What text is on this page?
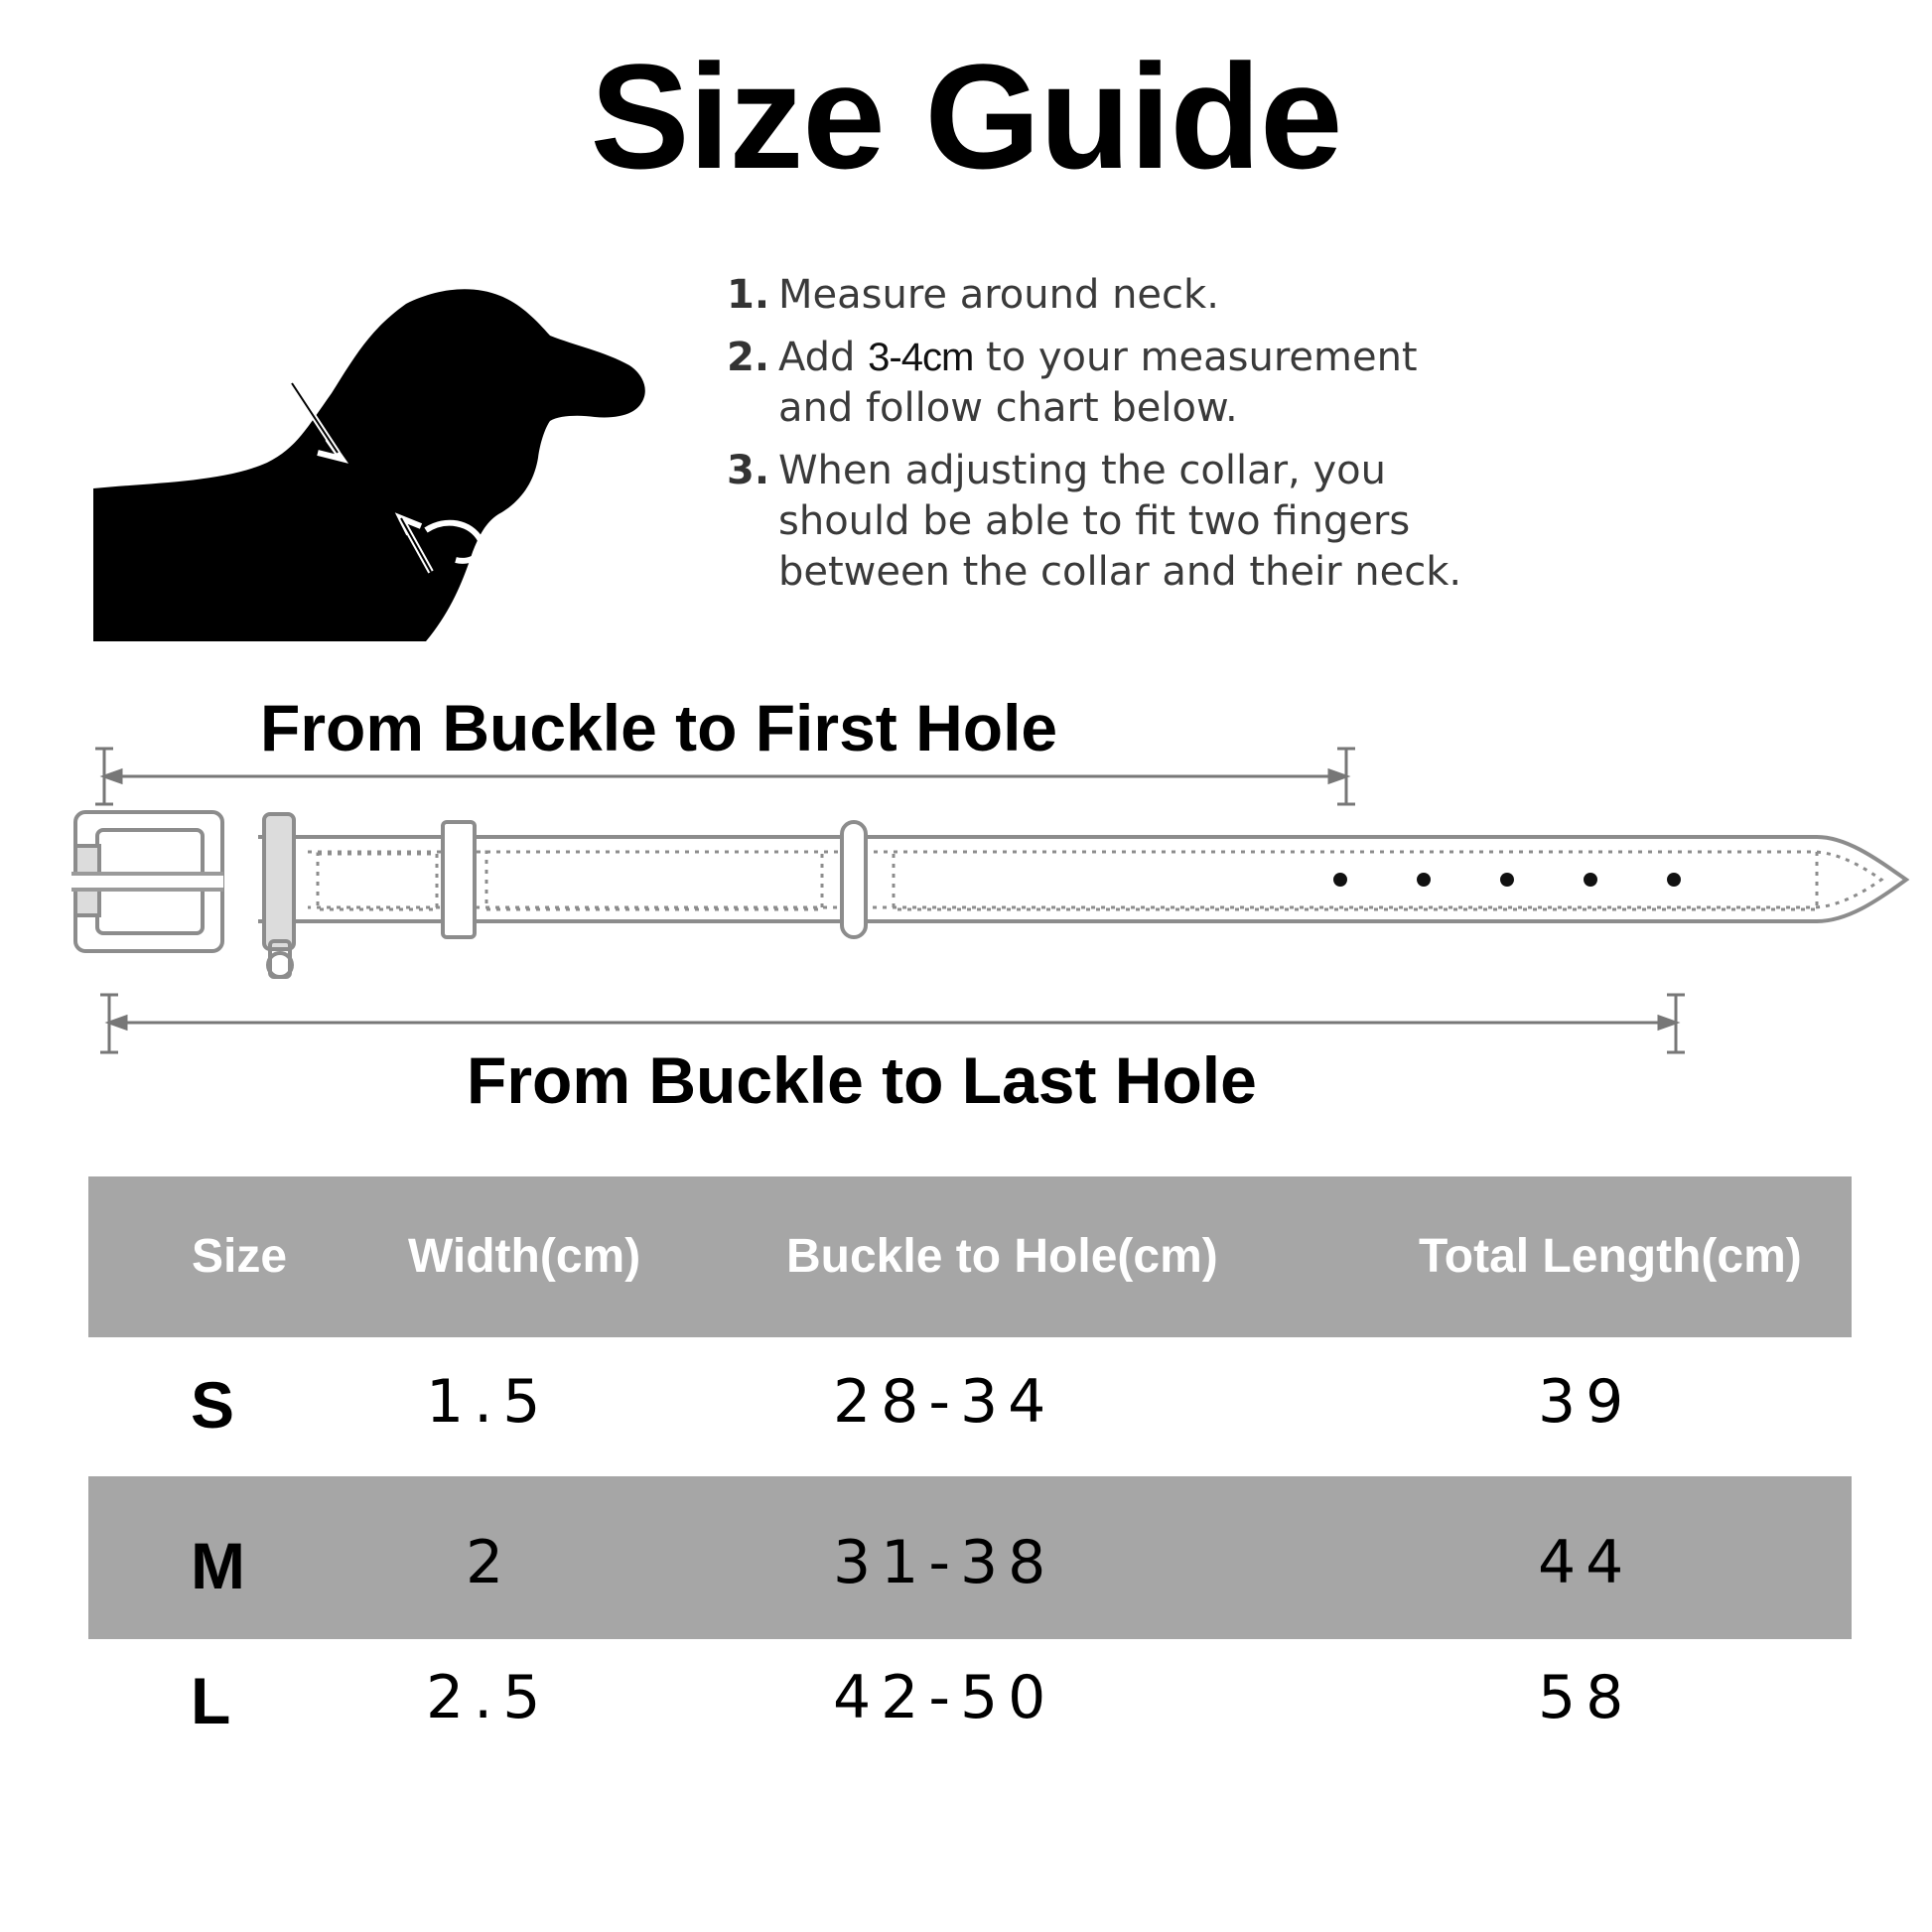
Size Guide
1. Measure around neck.
2. Add 3-4cm to your measurement
and follow chart below.
3. When adjusting the collar, you
should be able to fit two fingers
between the collar and their neck.
From Buckle to First Hole
From Buckle to Last Hole
Size	Width(cm)	Buckle to Hole(cm)	Total Length(cm)
S	1.5	28-34	39
M	2	31-38	44
L	2.5	42-50	58
